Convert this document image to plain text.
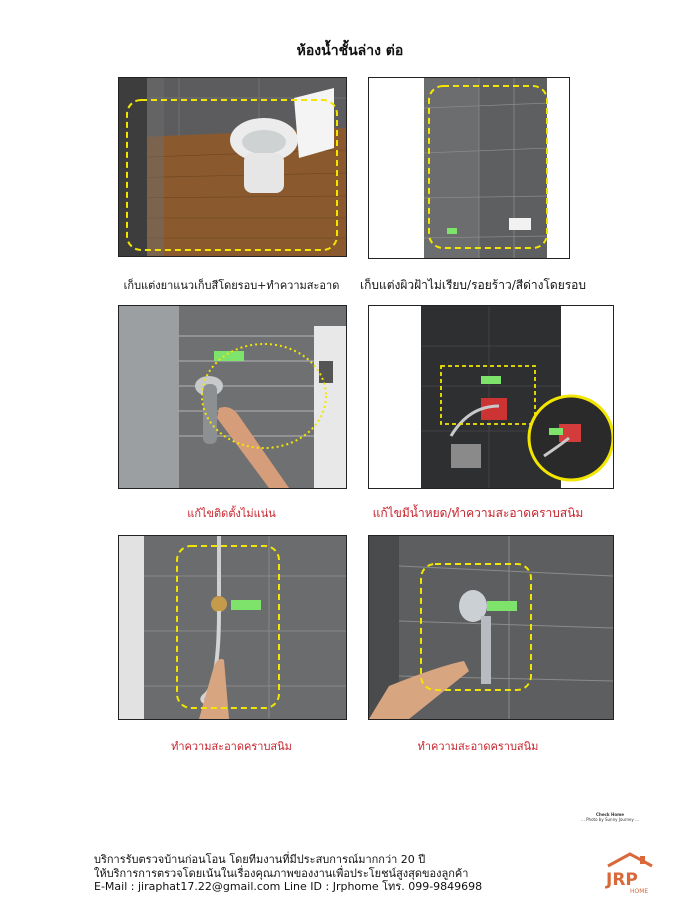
ห้องน้ำชั้นล่าง ต่อ
เก็บแต่งยาแนวเก็บสีโดยรอบ+ทำความสะอาด	เก็บแต่งผิวฝ้าไม่เรียบ/รอยร้าว/สีด่างโดยรอบ
แก้ไขติดตั้งไม่แน่น	แก้ไขมีน้ำหยด/ทำความสะอาดคราบสนิม
ทำความสะอาดคราบสนิม	ทำความสะอาดคราบสนิม
Check Home
... Photo by Sunny Journey ...
บริการรับตรวจบ้านก่อนโอน โดยทีมงานที่มีประสบการณ์มากกว่า 20 ปี
ให้บริการการตรวจโดยเน้นในเรื่องคุณภาพของงานเพื่อประโยชน์สูงสุดของลูกค้า
E-Mail : jiraphat17.22@gmail.com Line ID : Jrphome โทร. 099-9849698	JRP
HOME
